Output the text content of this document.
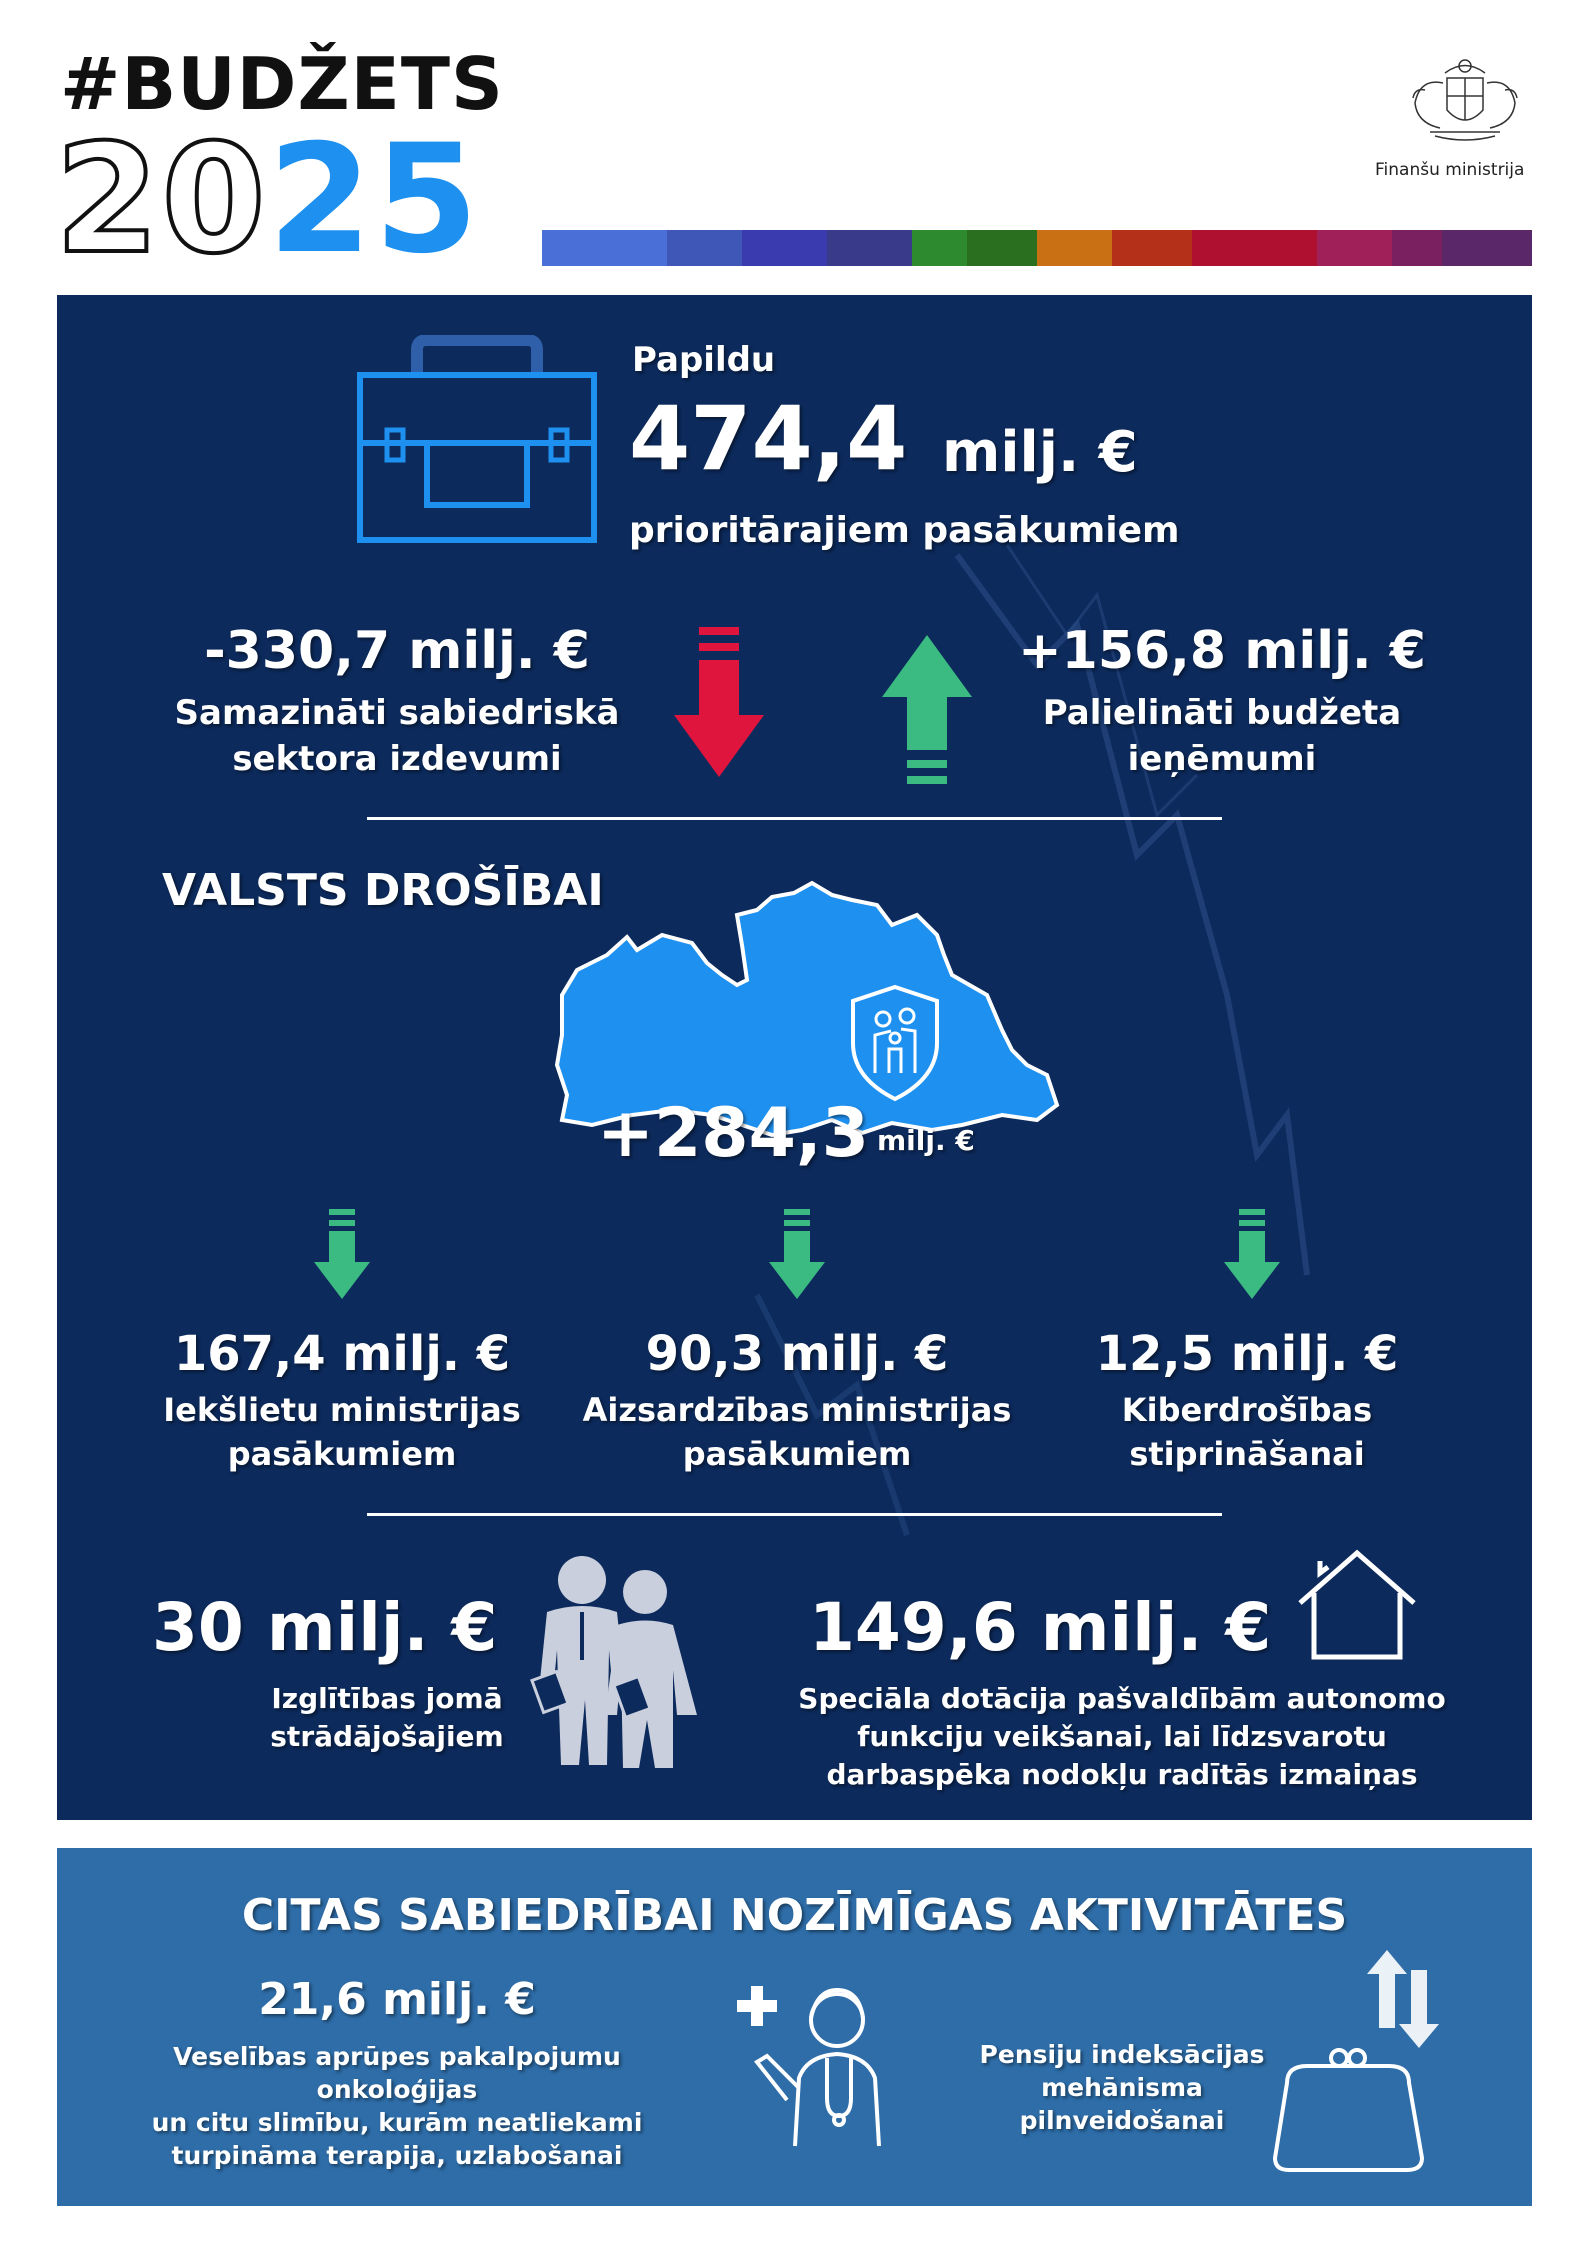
#BUDŽETS
2025	Finanšu ministrija
Papildu
474,4 milj. €
prioritārajiem pasākumiem
-330,7 milj. €
Samazināti sabiedriskā
sektora izdevumi
+156,8 milj. €
Palielināti budžeta
ieņēmumi
VALSTS DROŠĪBAI
+284,3 milj. €
167,4 milj. €
Iekšlietu ministrijas
pasākumiem
90,3 milj. €
Aizsardzības ministrijas
pasākumiem
12,5 milj. €
Kiberdrošības
stiprināšanai
30 milj. €
Izglītības jomā
strādājošajiem
149,6 milj. €
Speciāla dotācija pašvaldībām autonomo
funkciju veikšanai, lai līdzsvarotu
darbaspēka nodokļu radītās izmaiņas
CITAS SABIEDRĪBAI NOZĪMĪGAS AKTIVITĀTES
21,6 milj. €
Veselības aprūpes pakalpojumu onkoloģijas
un citu slimību, kurām neatliekami
turpināma terapija, uzlabošanai
Pensiju indeksācijas
mehānisma
pilnveidošanai
